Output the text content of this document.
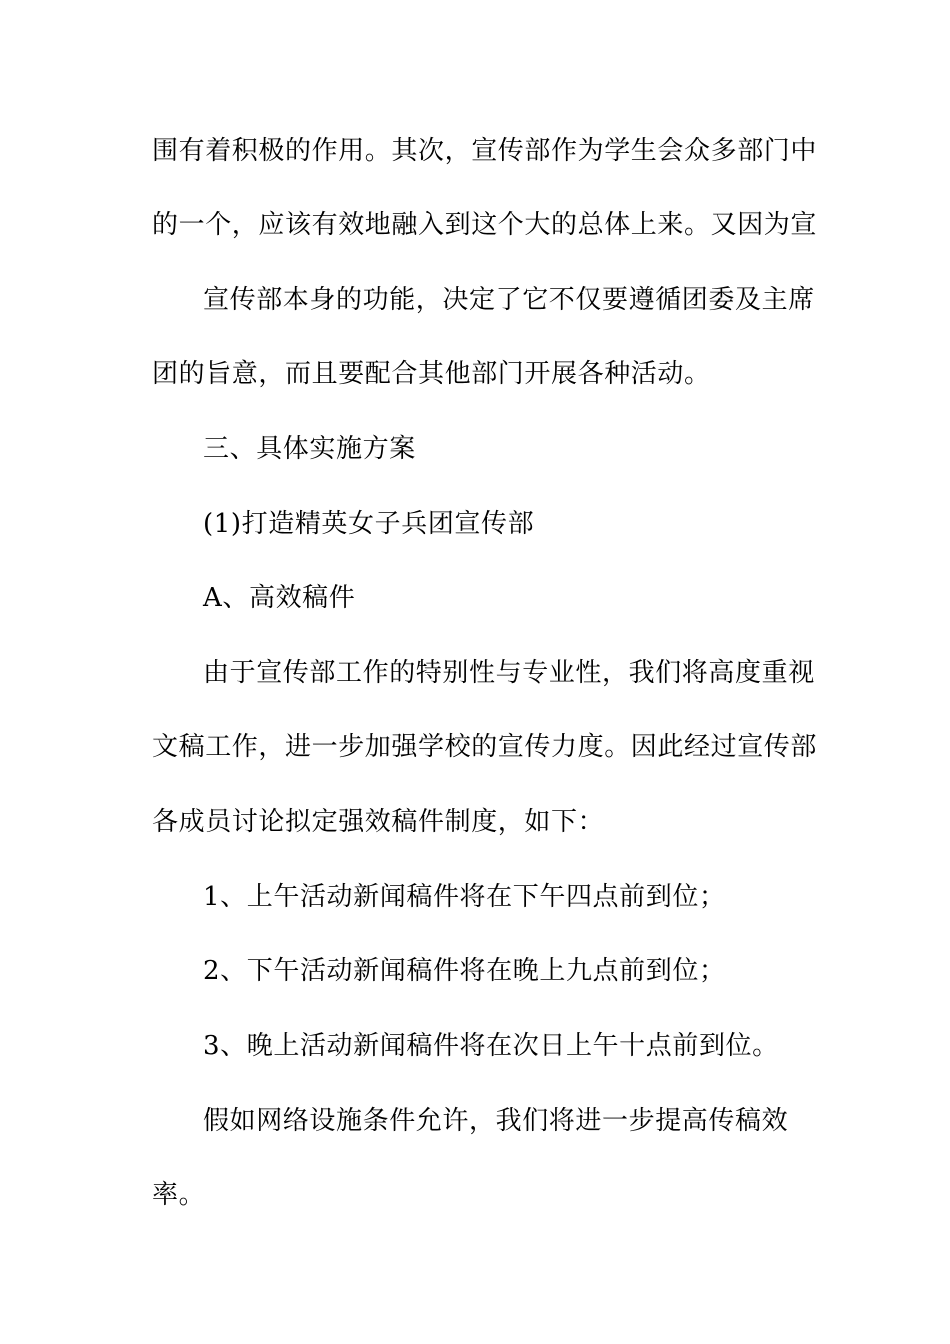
围有着积极的作用。其次，宣传部作为学生会众多部门中
的一个，应该有效地融入到这个大的总体上来。又因为宣
宣传部本身的功能，决定了它不仅要遵循团委及主席
团的旨意，而且要配合其他部门开展各种活动。
三、具体实施方案
(1)打造精英女子兵团宣传部
A、高效稿件
由于宣传部工作的特别性与专业性，我们将高度重视
文稿工作，进一步加强学校的宣传力度。因此经过宣传部
各成员讨论拟定强效稿件制度，如下：
1、上午活动新闻稿件将在下午四点前到位；
2、下午活动新闻稿件将在晚上九点前到位；
3、晚上活动新闻稿件将在次日上午十点前到位。
假如网络设施条件允许，我们将进一步提高传稿效
率。
